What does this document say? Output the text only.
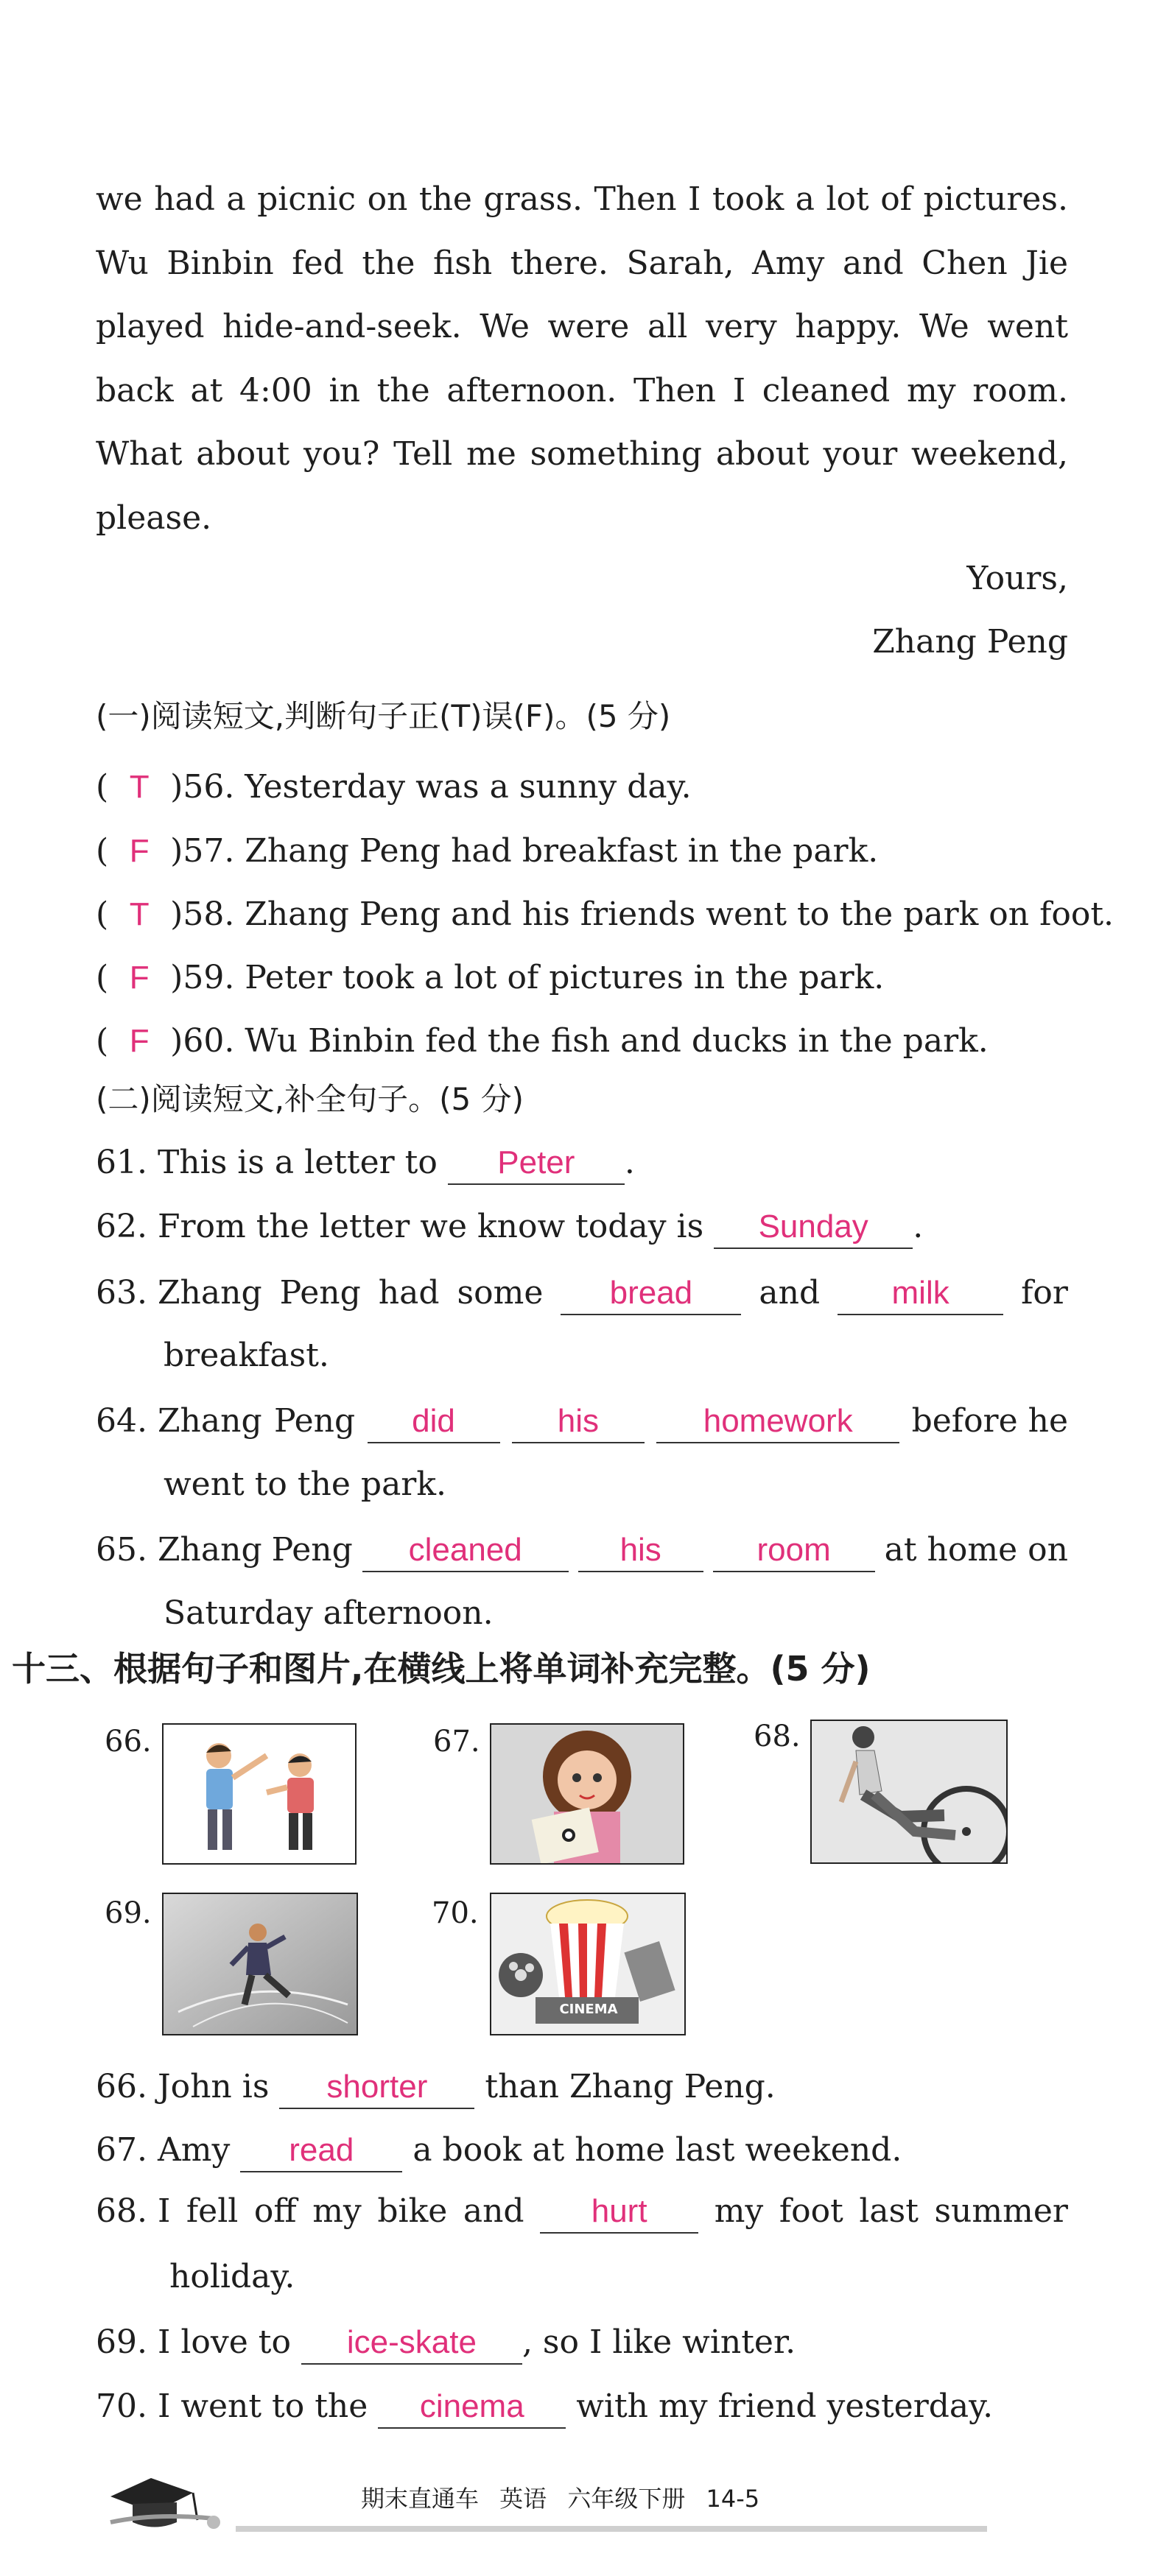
we had a picnic on the grass. Then I took a lot of pictures. Wu Binbin fed the fish there. Sarah, Amy and Chen Jie played hide-and-seek. We were all very happy. We went back at 4:00 in the afternoon. Then I cleaned my room. What about you? Tell me something about your weekend, please.

Yours,
Zhang Peng
(一)阅读短文,判断句子正(T)误(F)。(5 分)
( T )56. Yesterday was a sunny day.
( F )57. Zhang Peng had breakfast in the park.
( T )58. Zhang Peng and his friends went to the park on foot.
( F )59. Peter took a lot of pictures in the park.
( F )60. Wu Binbin fed the fish and ducks in the park.
(二)阅读短文,补全句子。(5 分)
61. This is a letter to Peter .
62. From the letter we know today is Sunday .
63. Zhang Peng had some	bread	and	milk	for
breakfast.
64. Zhang Peng	did	his	homework	before he
went to the park.
65. Zhang Peng	cleaned	his	room	at home on
Saturday afternoon.
十三、根据句子和图片,在横线上将单词补充完整。(5 分)
66.	67.	68.
69.	70.
CINEMA
66. John is shorter than Zhang Peng.
67. Amy read a book at home last weekend.
68. I fell off my bike and	hurt	my foot last summer
holiday.
69. I love to ice-skate , so I like winter.
70. I went to the cinema with my friend yesterday.
期末直通车 英语 六年级下册 14-5
